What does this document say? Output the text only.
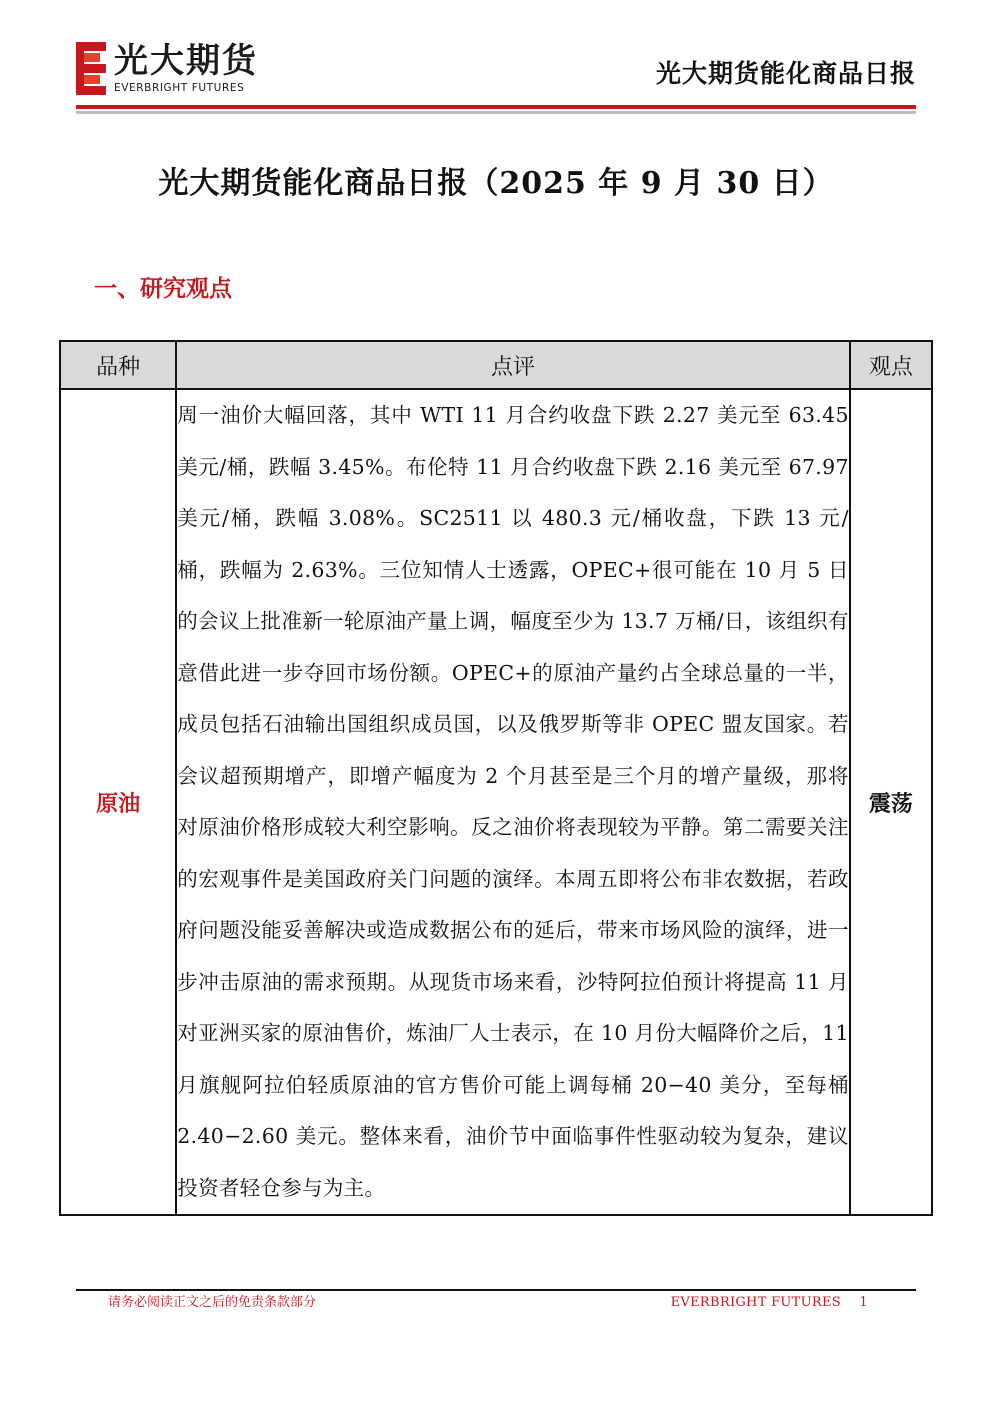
光大期货
EVERBRIGHT FUTURES	光大期货能化商品日报
光大期货能化商品日报（2025 年 9 月 30 日）
一、研究观点
品种	点评	观点
原油	周一油价大幅回落，其中 WTI 11 月合约收盘下跌 2.27 美元至 63.45 美元/桶，跌幅 3.45%。布伦特 11 月合约收盘下跌 2.16 美元至 67.97 美元/桶，跌幅 3.08%。SC2511 以 480.3 元/桶收盘，下跌 13 元/桶，跌幅为 2.63%。三位知情人士透露，OPEC+很可能在 10 月 5 日的会议上批准新一轮原油产量上调，幅度至少为 13.7 万桶/日，该组织有意借此进一步夺回市场份额。OPEC+的原油产量约占全球总量的一半，成员包括石油输出国组织成员国，以及俄罗斯等非 OPEC 盟友国家。若会议超预期增产，即增产幅度为 2 个月甚至是三个月的增产量级，那将对原油价格形成较大利空影响。反之油价将表现较为平静。第二需要关注的宏观事件是美国政府关门问题的演绎。本周五即将公布非农数据，若政府问题没能妥善解决或造成数据公布的延后，带来市场风险的演绎，进一步冲击原油的需求预期。从现货市场来看，沙特阿拉伯预计将提高 11 月对亚洲买家的原油售价，炼油厂人士表示，在 10 月份大幅降价之后，11 月旗舰阿拉伯轻质原油的官方售价可能上调每桶 20−40 美分，至每桶 2.40−2.60 美元。整体来看，油价节中面临事件性驱动较为复杂，建议投资者轻仓参与为主。	震荡
请务必阅读正文之后的免责条款部分	EVERBRIGHT FUTURES 1
